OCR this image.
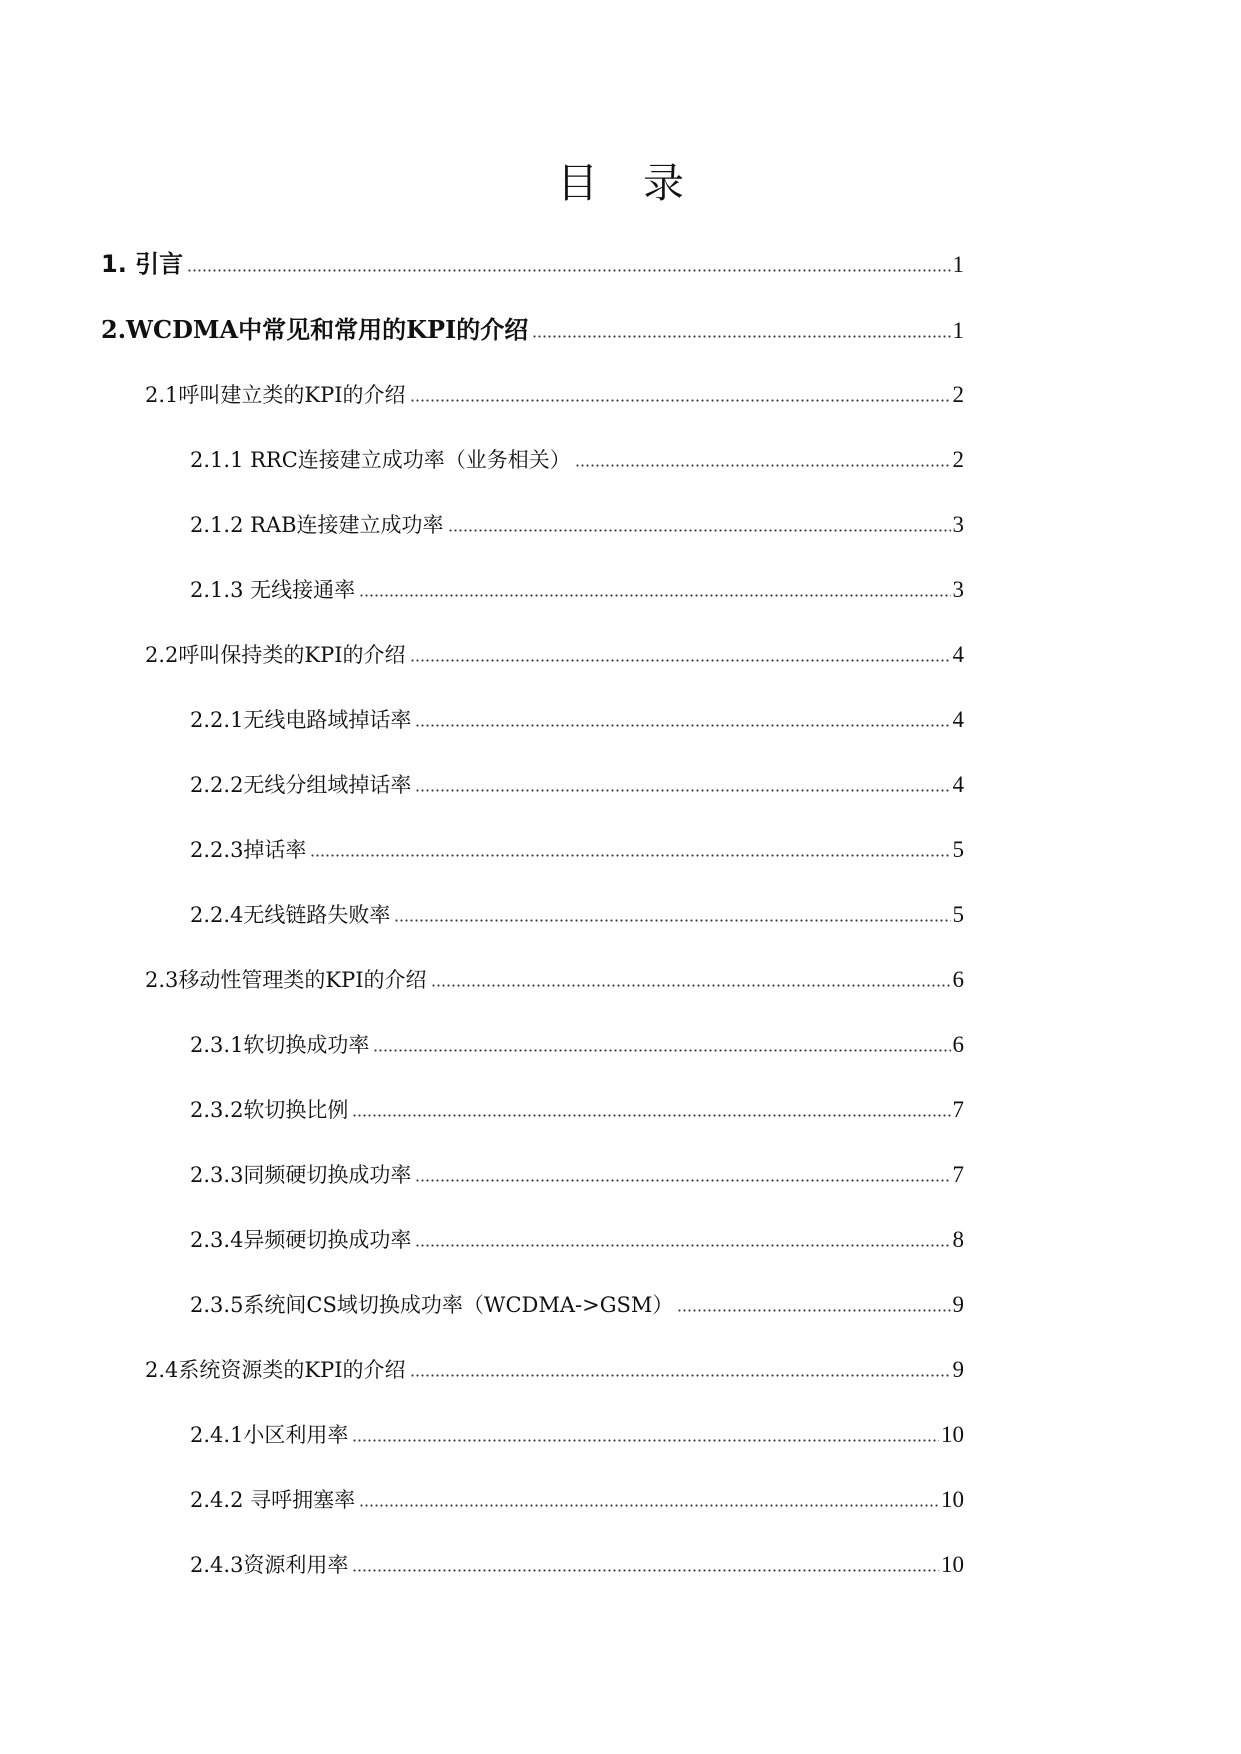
目 录
1. 引言	1
2.WCDMA中常见和常用的KPI的介绍	1
2.1呼叫建立类的KPI的介绍	2
2.1.1 RRC连接建立成功率（业务相关）	2
2.1.2 RAB连接建立成功率	3
2.1.3 无线接通率	3
2.2呼叫保持类的KPI的介绍	4
2.2.1无线电路域掉话率	4
2.2.2无线分组域掉话率	4
2.2.3掉话率	5
2.2.4无线链路失败率	5
2.3移动性管理类的KPI的介绍	6
2.3.1软切换成功率	6
2.3.2软切换比例	7
2.3.3同频硬切换成功率	7
2.3.4异频硬切换成功率	8
2.3.5系统间CS域切换成功率（WCDMA->GSM）	9
2.4系统资源类的KPI的介绍	9
2.4.1小区利用率	10
2.4.2 寻呼拥塞率	10
2.4.3资源利用率	10
